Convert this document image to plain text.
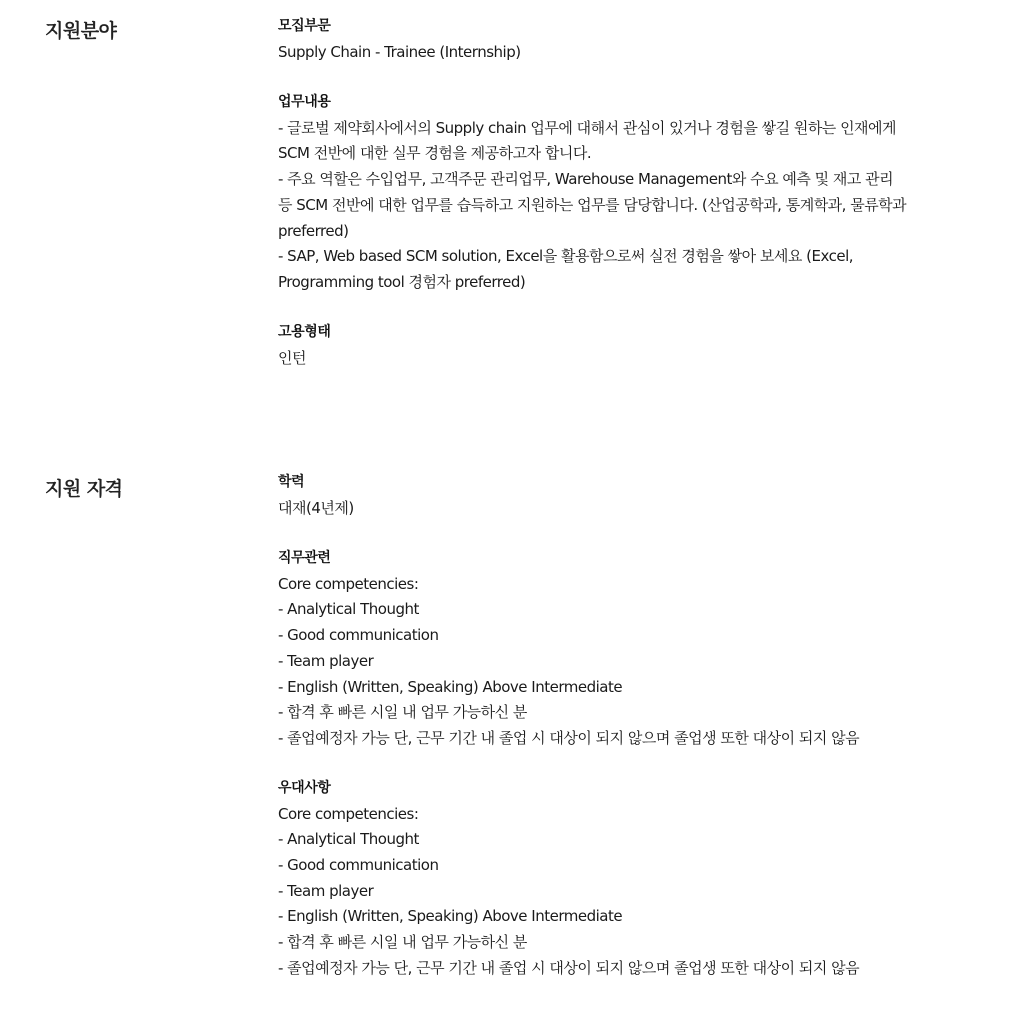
지원분야	모집부문
Supply Chain - Trainee (Internship)
업무내용
- 글로벌 제약회사에서의 Supply chain 업무에 대해서 관심이 있거나 경험을 쌓길 원하는 인재에게
SCM 전반에 대한 실무 경험을 제공하고자 합니다.
- 주요 역할은 수입업무, 고객주문 관리업무, Warehouse Management와 수요 예측 및 재고 관리
등 SCM 전반에 대한 업무를 습득하고 지원하는 업무를 담당합니다. (산업공학과, 통계학과, 물류학과
preferred)
- SAP, Web based SCM solution, Excel을 활용함으로써 실전 경험을 쌓아 보세요 (Excel,
Programming tool 경험자 preferred)
고용형태
인턴
지원 자격	학력
대재(4년제)
직무관련
Core competencies:
- Analytical Thought
- Good communication
- Team player
- English (Written, Speaking) Above Intermediate
- 합격 후 빠른 시일 내 업무 가능하신 분
- 졸업예정자 가능 단, 근무 기간 내 졸업 시 대상이 되지 않으며 졸업생 또한 대상이 되지 않음
우대사항
Core competencies:
- Analytical Thought
- Good communication
- Team player
- English (Written, Speaking) Above Intermediate
- 합격 후 빠른 시일 내 업무 가능하신 분
- 졸업예정자 가능 단, 근무 기간 내 졸업 시 대상이 되지 않으며 졸업생 또한 대상이 되지 않음
